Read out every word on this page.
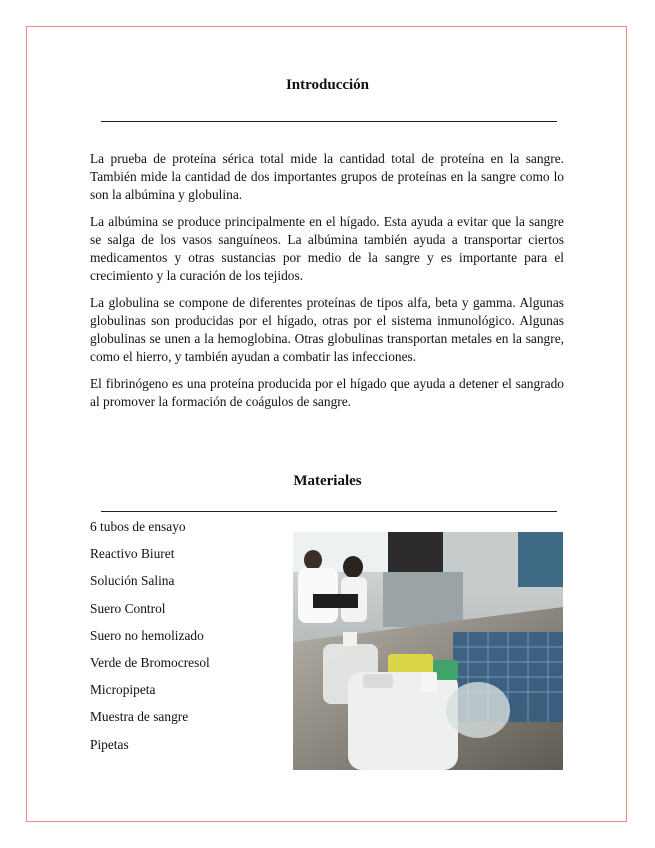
Introducción

La prueba de proteína sérica total mide la cantidad total de proteína en la sangre. También mide la cantidad de dos importantes grupos de proteínas en la sangre como lo son la albúmina y globulina.

La albúmina se produce principalmente en el hígado. Esta ayuda a evitar que la sangre se salga de los vasos sanguíneos. La albúmina también ayuda a transportar ciertos medicamentos y otras sustancias por medio de la sangre y es importante para el crecimiento y la curación de los tejidos.

La globulina se compone de diferentes proteínas de tipos alfa, beta y gamma. Algunas globulinas son producidas por el hígado, otras por el sistema inmunológico. Algunas globulinas se unen a la hemoglobina. Otras globulinas transportan metales en la sangre, como el hierro, y también ayudan a combatir las infecciones.

El fibrinógeno es una proteína producida por el hígado que ayuda a detener el sangrado al promover la formación de coágulos de sangre.

Materiales
6 tubos de ensayo
Reactivo Biuret
Solución Salina
Suero Control
Suero no hemolizado
Verde de Bromocresol
Micropipeta
Muestra de sangre
Pipetas
